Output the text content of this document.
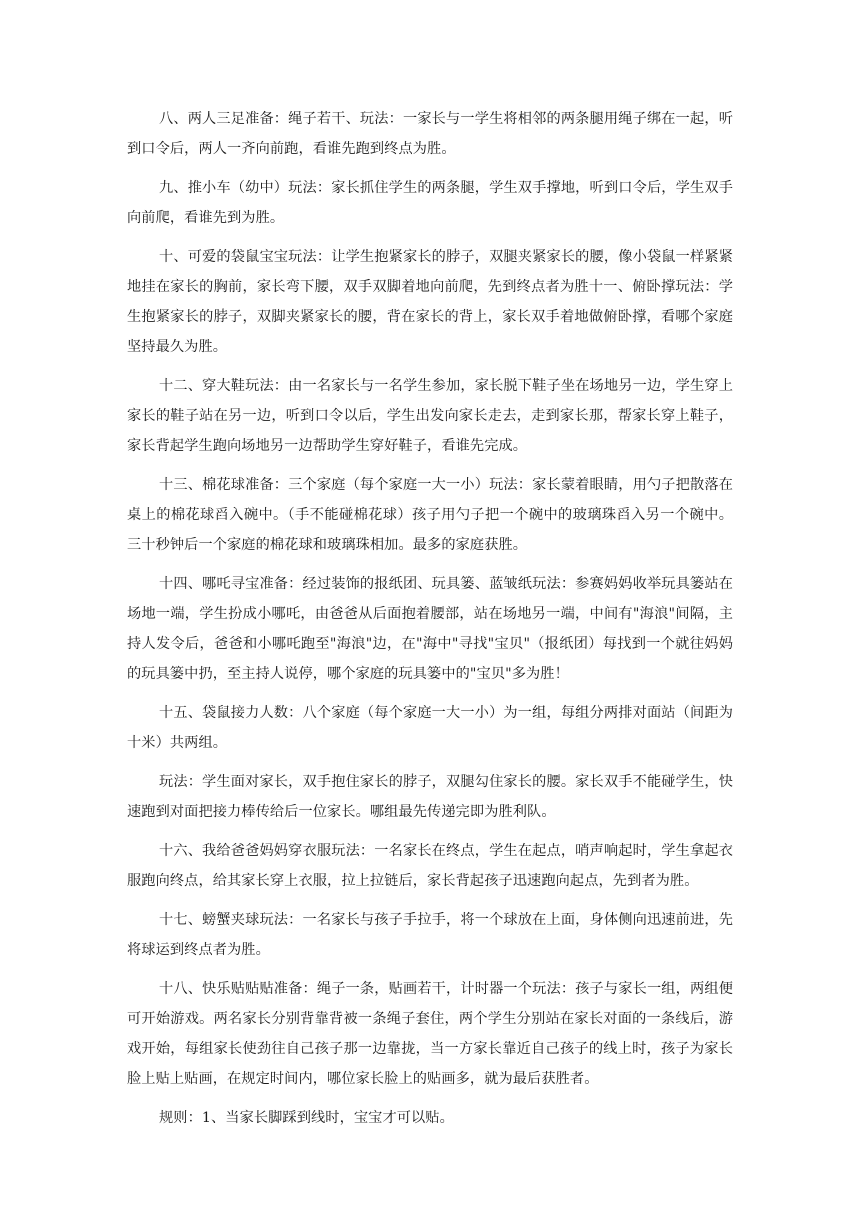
八、两人三足准备：绳子若干、玩法：一家长与一学生将相邻的两条腿用绳子绑在一起，听到口令后，两人一齐向前跑，看谁先跑到终点为胜。

九、推小车（幼中）玩法：家长抓住学生的两条腿，学生双手撑地，听到口令后，学生双手向前爬，看谁先到为胜。

十、可爱的袋鼠宝宝玩法：让学生抱紧家长的脖子，双腿夹紧家长的腰，像小袋鼠一样紧紧地挂在家长的胸前，家长弯下腰，双手双脚着地向前爬，先到终点者为胜十一、俯卧撑玩法：学生抱紧家长的脖子，双脚夹紧家长的腰，背在家长的背上，家长双手着地做俯卧撑，看哪个家庭坚持最久为胜。

十二、穿大鞋玩法：由一名家长与一名学生参加，家长脱下鞋子坐在场地另一边，学生穿上家长的鞋子站在另一边，听到口令以后，学生出发向家长走去，走到家长那，帮家长穿上鞋子，家长背起学生跑向场地另一边帮助学生穿好鞋子，看谁先完成。

十三、棉花球准备：三个家庭（每个家庭一大一小）玩法：家长蒙着眼睛，用勺子把散落在桌上的棉花球舀入碗中。（手不能碰棉花球）孩子用勺子把一个碗中的玻璃珠舀入另一个碗中。三十秒钟后一个家庭的棉花球和玻璃珠相加。最多的家庭获胜。

十四、哪吒寻宝准备：经过装饰的报纸团、玩具篓、蓝皱纸玩法：参赛妈妈收举玩具篓站在场地一端，学生扮成小哪吒，由爸爸从后面抱着腰部，站在场地另一端，中间有"海浪"间隔，主持人发令后，爸爸和小哪吒跑至"海浪"边，在"海中"寻找"宝贝"（报纸团）每找到一个就往妈妈的玩具篓中扔，至主持人说停，哪个家庭的玩具篓中的"宝贝"多为胜！

十五、袋鼠接力人数：八个家庭（每个家庭一大一小）为一组，每组分两排对面站（间距为十米）共两组。

玩法：学生面对家长，双手抱住家长的脖子，双腿勾住家长的腰。家长双手不能碰学生，快速跑到对面把接力棒传给后一位家长。哪组最先传递完即为胜利队。

十六、我给爸爸妈妈穿衣服玩法：一名家长在终点，学生在起点，哨声响起时，学生拿起衣服跑向终点，给其家长穿上衣服，拉上拉链后，家长背起孩子迅速跑向起点，先到者为胜。

十七、螃蟹夹球玩法：一名家长与孩子手拉手，将一个球放在上面，身体侧向迅速前进，先将球运到终点者为胜。

十八、快乐贴贴贴准备：绳子一条，贴画若干，计时器一个玩法：孩子与家长一组，两组便可开始游戏。两名家长分别背靠背被一条绳子套住，两个学生分别站在家长对面的一条线后，游戏开始，每组家长使劲往自己孩子那一边靠拢，当一方家长靠近自己孩子的线上时，孩子为家长脸上贴上贴画，在规定时间内，哪位家长脸上的贴画多，就为最后获胜者。

规则：1、当家长脚踩到线时，宝宝才可以贴。
